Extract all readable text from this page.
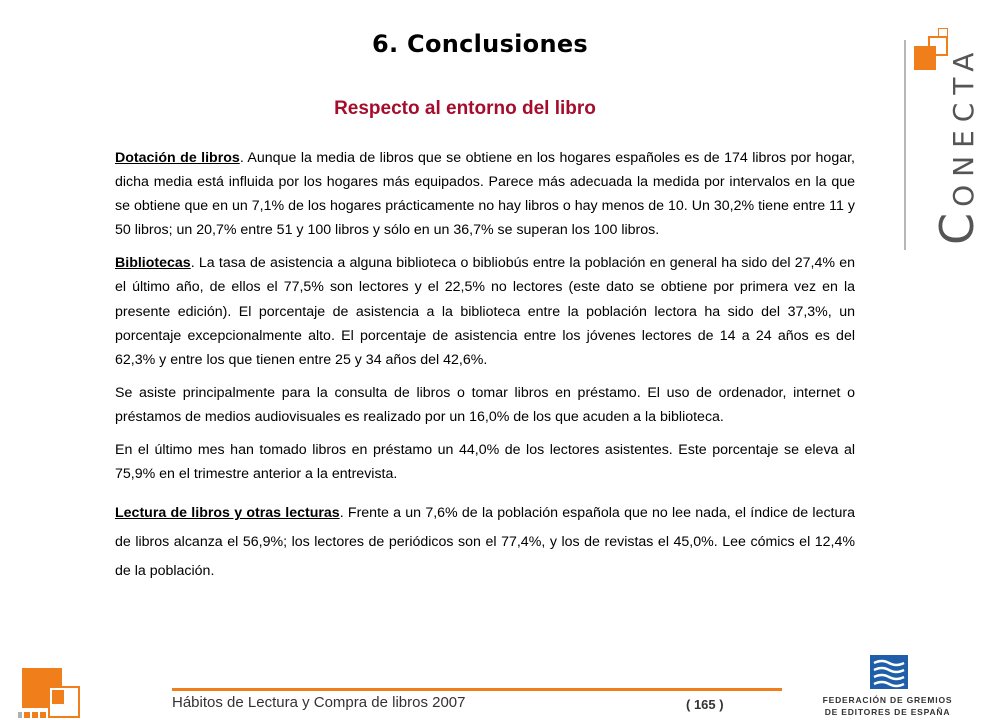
6. Conclusiones
Respecto al entorno del libro

Dotación de libros. Aunque la media de libros que se obtiene en los hogares españoles es de 174 libros por hogar, dicha media está influida por los hogares más equipados. Parece más adecuada la medida por intervalos en la que se obtiene que en un 7,1% de los hogares prácticamente no hay libros o hay menos de 10. Un 30,2% tiene entre 11 y 50 libros; un 20,7% entre 51 y 100 libros y sólo en un 36,7% se superan los 100 libros.

Bibliotecas. La tasa de asistencia a alguna biblioteca o bibliobús entre la población en general ha sido del 27,4% en el último año, de ellos el 77,5% son lectores y el 22,5% no lectores (este dato se obtiene por primera vez en la presente edición). El porcentaje de asistencia a la biblioteca entre la población lectora ha sido del 37,3%, un porcentaje excepcionalmente alto. El porcentaje de asistencia entre los jóvenes lectores de 14 a 24 años es del 62,3% y entre los que tienen entre 25 y 34 años del 42,6%.

Se asiste principalmente para la consulta de libros o tomar libros en préstamo. El uso de ordenador, internet o préstamos de medios audiovisuales es realizado por un 16,0% de los que acuden a la biblioteca.

En el último mes han tomado libros en préstamo un 44,0% de los lectores asistentes. Este porcentaje se eleva al 75,9% en el trimestre anterior a la entrevista.

Lectura de libros y otras lecturas. Frente a un 7,6% de la población española que no lee nada, el índice de lectura de libros alcanza el 56,9%; los lectores de periódicos son el 77,4%, y los de revistas el 45,0%. Lee cómics el 12,4% de la población.

CONECTA
Hábitos de Lectura y Compra de libros 2007	( 165 )	FEDERACIÓN DE GREMIOS
DE EDITORES DE ESPAÑA
